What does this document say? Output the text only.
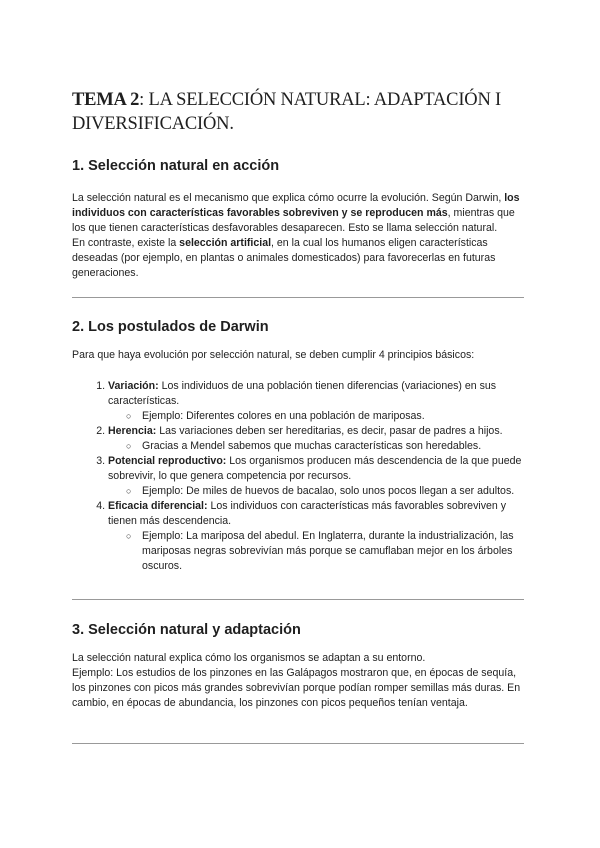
TEMA 2: LA SELECCIÓN NATURAL: ADAPTACIÓN I DIVERSIFICACIÓN.
1. Selección natural en acción

La selección natural es el mecanismo que explica cómo ocurre la evolución. Según Darwin, los individuos con características favorables sobreviven y se reproducen más, mientras que los que tienen características desfavorables desaparecen. Esto se llama selección natural.

En contraste, existe la selección artificial, en la cual los humanos eligen características deseadas (por ejemplo, en plantas o animales domesticados) para favorecerlas en futuras generaciones.

2. Los postulados de Darwin

Para que haya evolución por selección natural, se deben cumplir 4 principios básicos:

1. Variación: Los individuos de una población tienen diferencias (variaciones) en sus características.
○ Ejemplo: Diferentes colores en una población de mariposas.
2. Herencia: Las variaciones deben ser hereditarias, es decir, pasar de padres a hijos.
○ Gracias a Mendel sabemos que muchas características son heredables.
3. Potencial reproductivo: Los organismos producen más descendencia de la que puede sobrevivir, lo que genera competencia por recursos.
○ Ejemplo: De miles de huevos de bacalao, solo unos pocos llegan a ser adultos.
4. Eficacia diferencial: Los individuos con características más favorables sobreviven y tienen más descendencia.
○ Ejemplo: La mariposa del abedul. En Inglaterra, durante la industrialización, las mariposas negras sobrevivían más porque se camuflaban mejor en los árboles oscuros.
3. Selección natural y adaptación

La selección natural explica cómo los organismos se adaptan a su entorno.

Ejemplo: Los estudios de los pinzones en las Galápagos mostraron que, en épocas de sequía, los pinzones con picos más grandes sobrevivían porque podían romper semillas más duras. En cambio, en épocas de abundancia, los pinzones con picos pequeños tenían ventaja.
